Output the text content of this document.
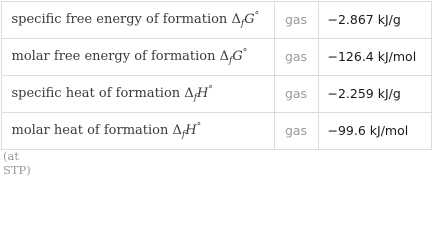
specific free energy of formation $\Delta_fG^\circ$	gas	−2.867 kJ/g
molar free energy of formation $\Delta_fG^\circ$	gas	−126.4 kJ/mol
specific heat of formation $\Delta_fH^\circ$	gas	−2.259 kJ/g
molar heat of formation $\Delta_fH^\circ$	gas	−99.6 kJ/mol
(at STP)
